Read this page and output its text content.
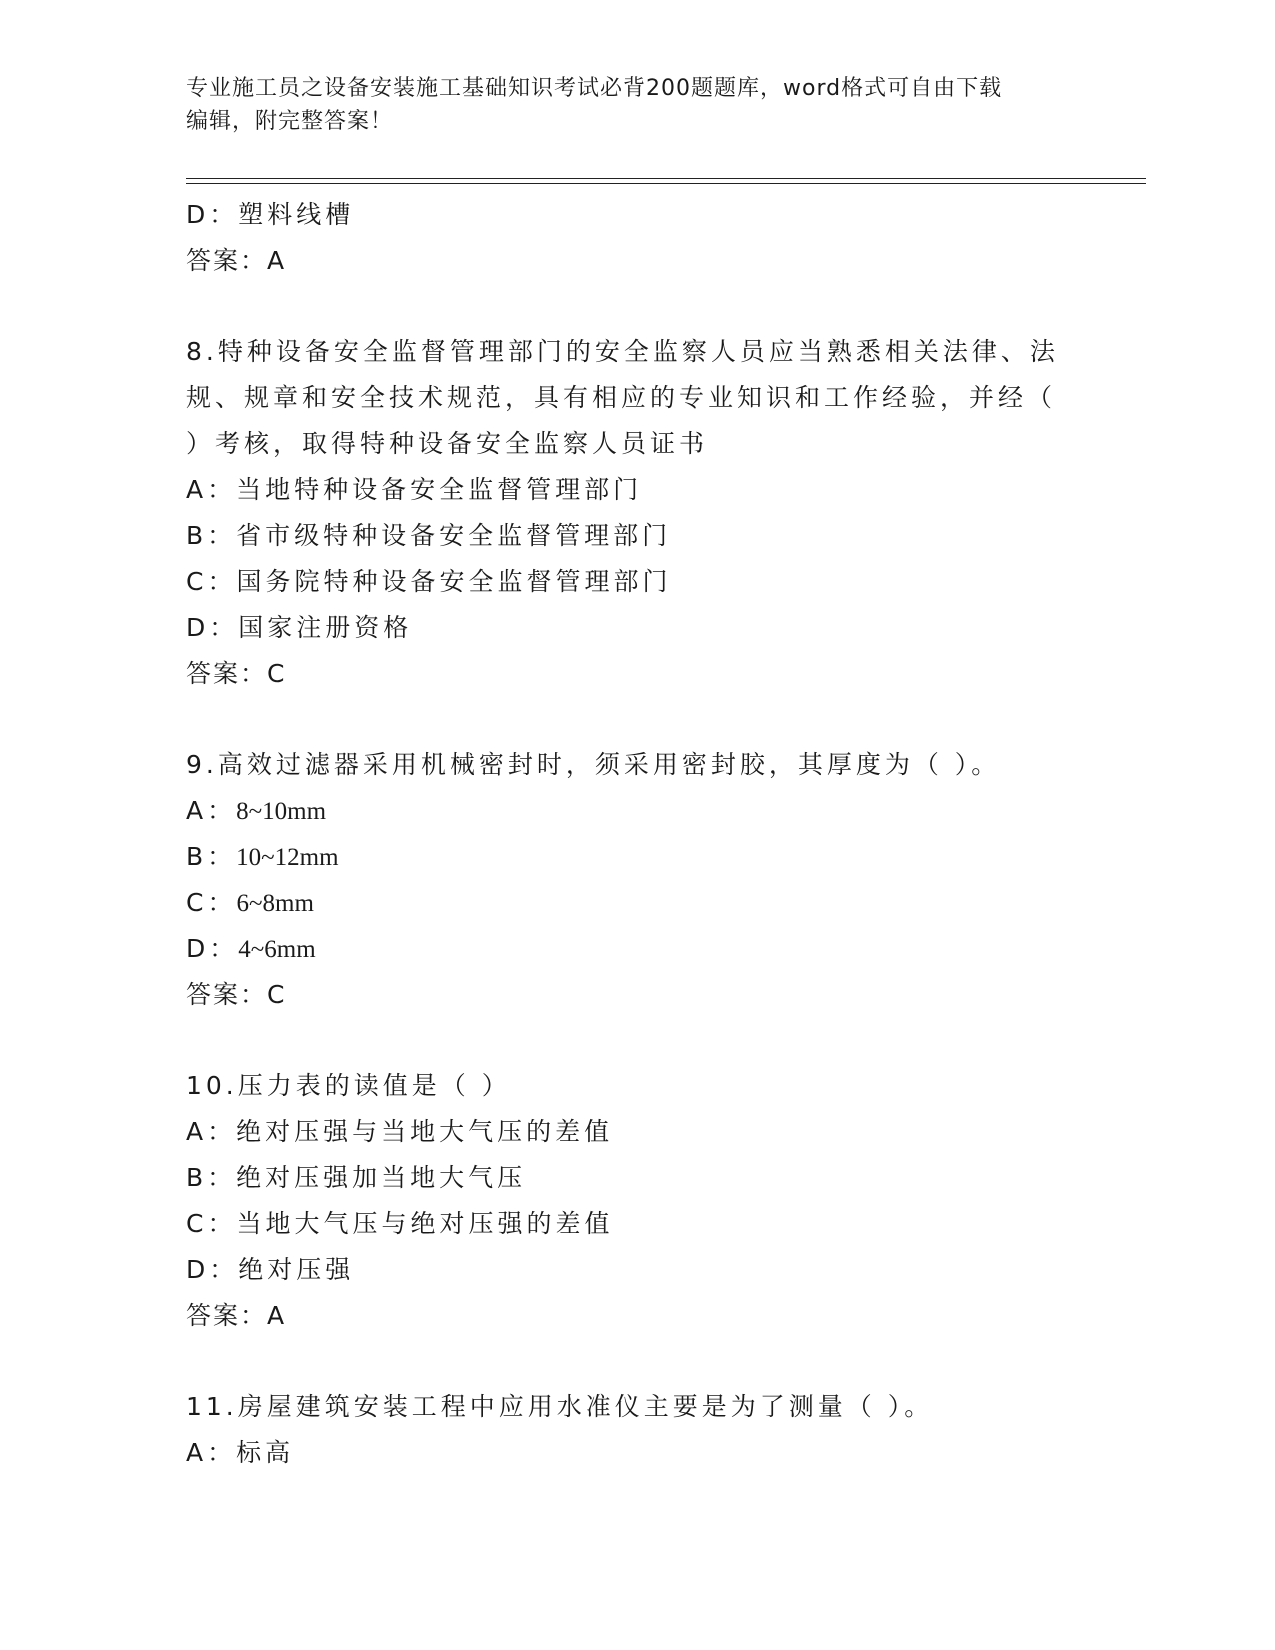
专业施工员之设备安装施工基础知识考试必背200题题库，word格式可自由下载
编辑，附完整答案！
D：塑料线槽
答案：A
8.特种设备安全监督管理部门的安全监察人员应当熟悉相关法律、法
规、规章和安全技术规范，具有相应的专业知识和工作经验，并经（
）考核，取得特种设备安全监察人员证书
A：当地特种设备安全监督管理部门
B：省市级特种设备安全监督管理部门
C：国务院特种设备安全监督管理部门
D：国家注册资格
答案：C
9.高效过滤器采用机械密封时，须采用密封胶，其厚度为（ ）。
A：8~10mm
B：10~12mm
C：6~8mm
D：4~6mm
答案：C
10.压力表的读值是（ ）
A：绝对压强与当地大气压的差值
B：绝对压强加当地大气压
C：当地大气压与绝对压强的差值
D：绝对压强
答案：A
11.房屋建筑安装工程中应用水准仪主要是为了测量（ ）。
A：标高
